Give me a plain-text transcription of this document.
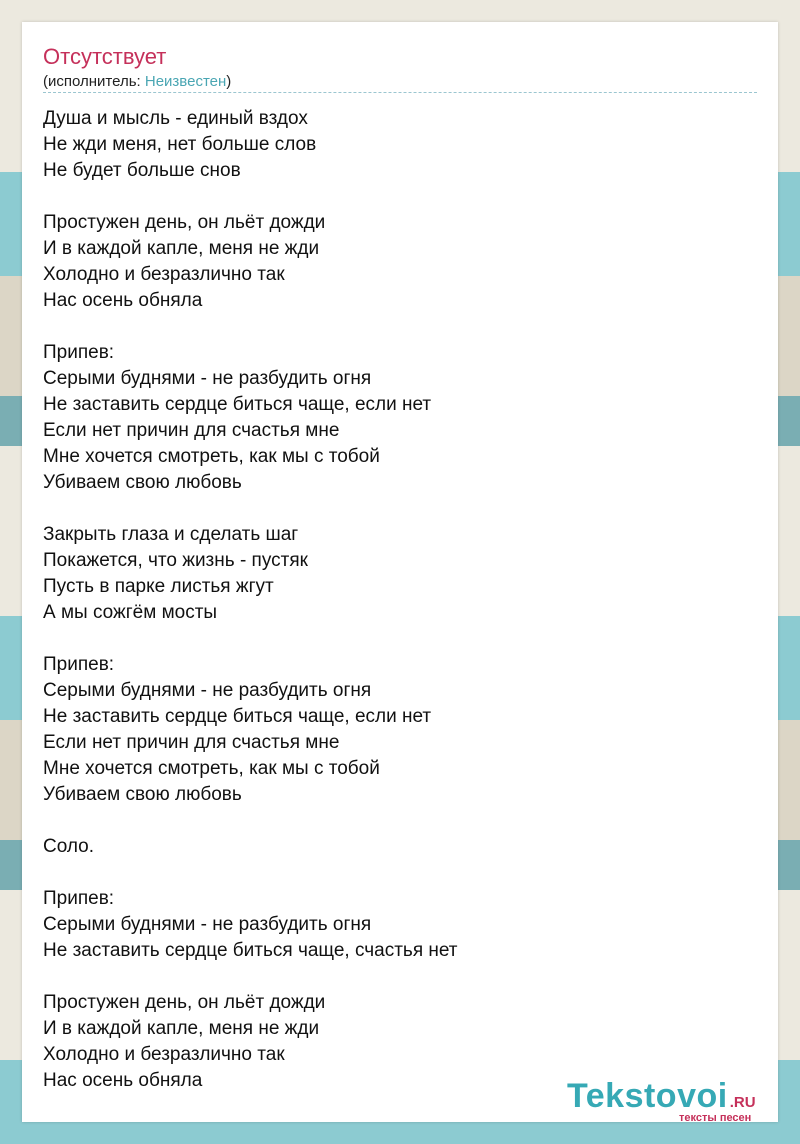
Отсутствует
(исполнитель: Неизвестен)
Душа и мысль - единый вздох
Не жди меня, нет больше слов
Не будет больше снов
Простужен день, он льёт дожди
И в каждой капле, меня не жди
Холодно и безразлично так
Нас осень обняла
Припев:
Серыми буднями - не разбудить огня
Не заставить сердце биться чаще, если нет
Если нет причин для счастья мне
Мне хочется смотреть, как мы с тобой
Убиваем свою любовь
Закрыть глаза и сделать шаг
Покажется, что жизнь - пустяк
Пусть в парке листья жгут
А мы сожгём мосты
Припев:
Серыми буднями - не разбудить огня
Не заставить сердце биться чаще, если нет
Если нет причин для счастья мне
Мне хочется смотреть, как мы с тобой
Убиваем свою любовь
Соло.
Припев:
Серыми буднями - не разбудить огня
Не заставить сердце биться чаще, счастья нет
Простужен день, он льёт дожди
И в каждой капле, меня не жди
Холодно и безразлично так
Нас осень обняла	Tekstovoi .RU
тексты песен
